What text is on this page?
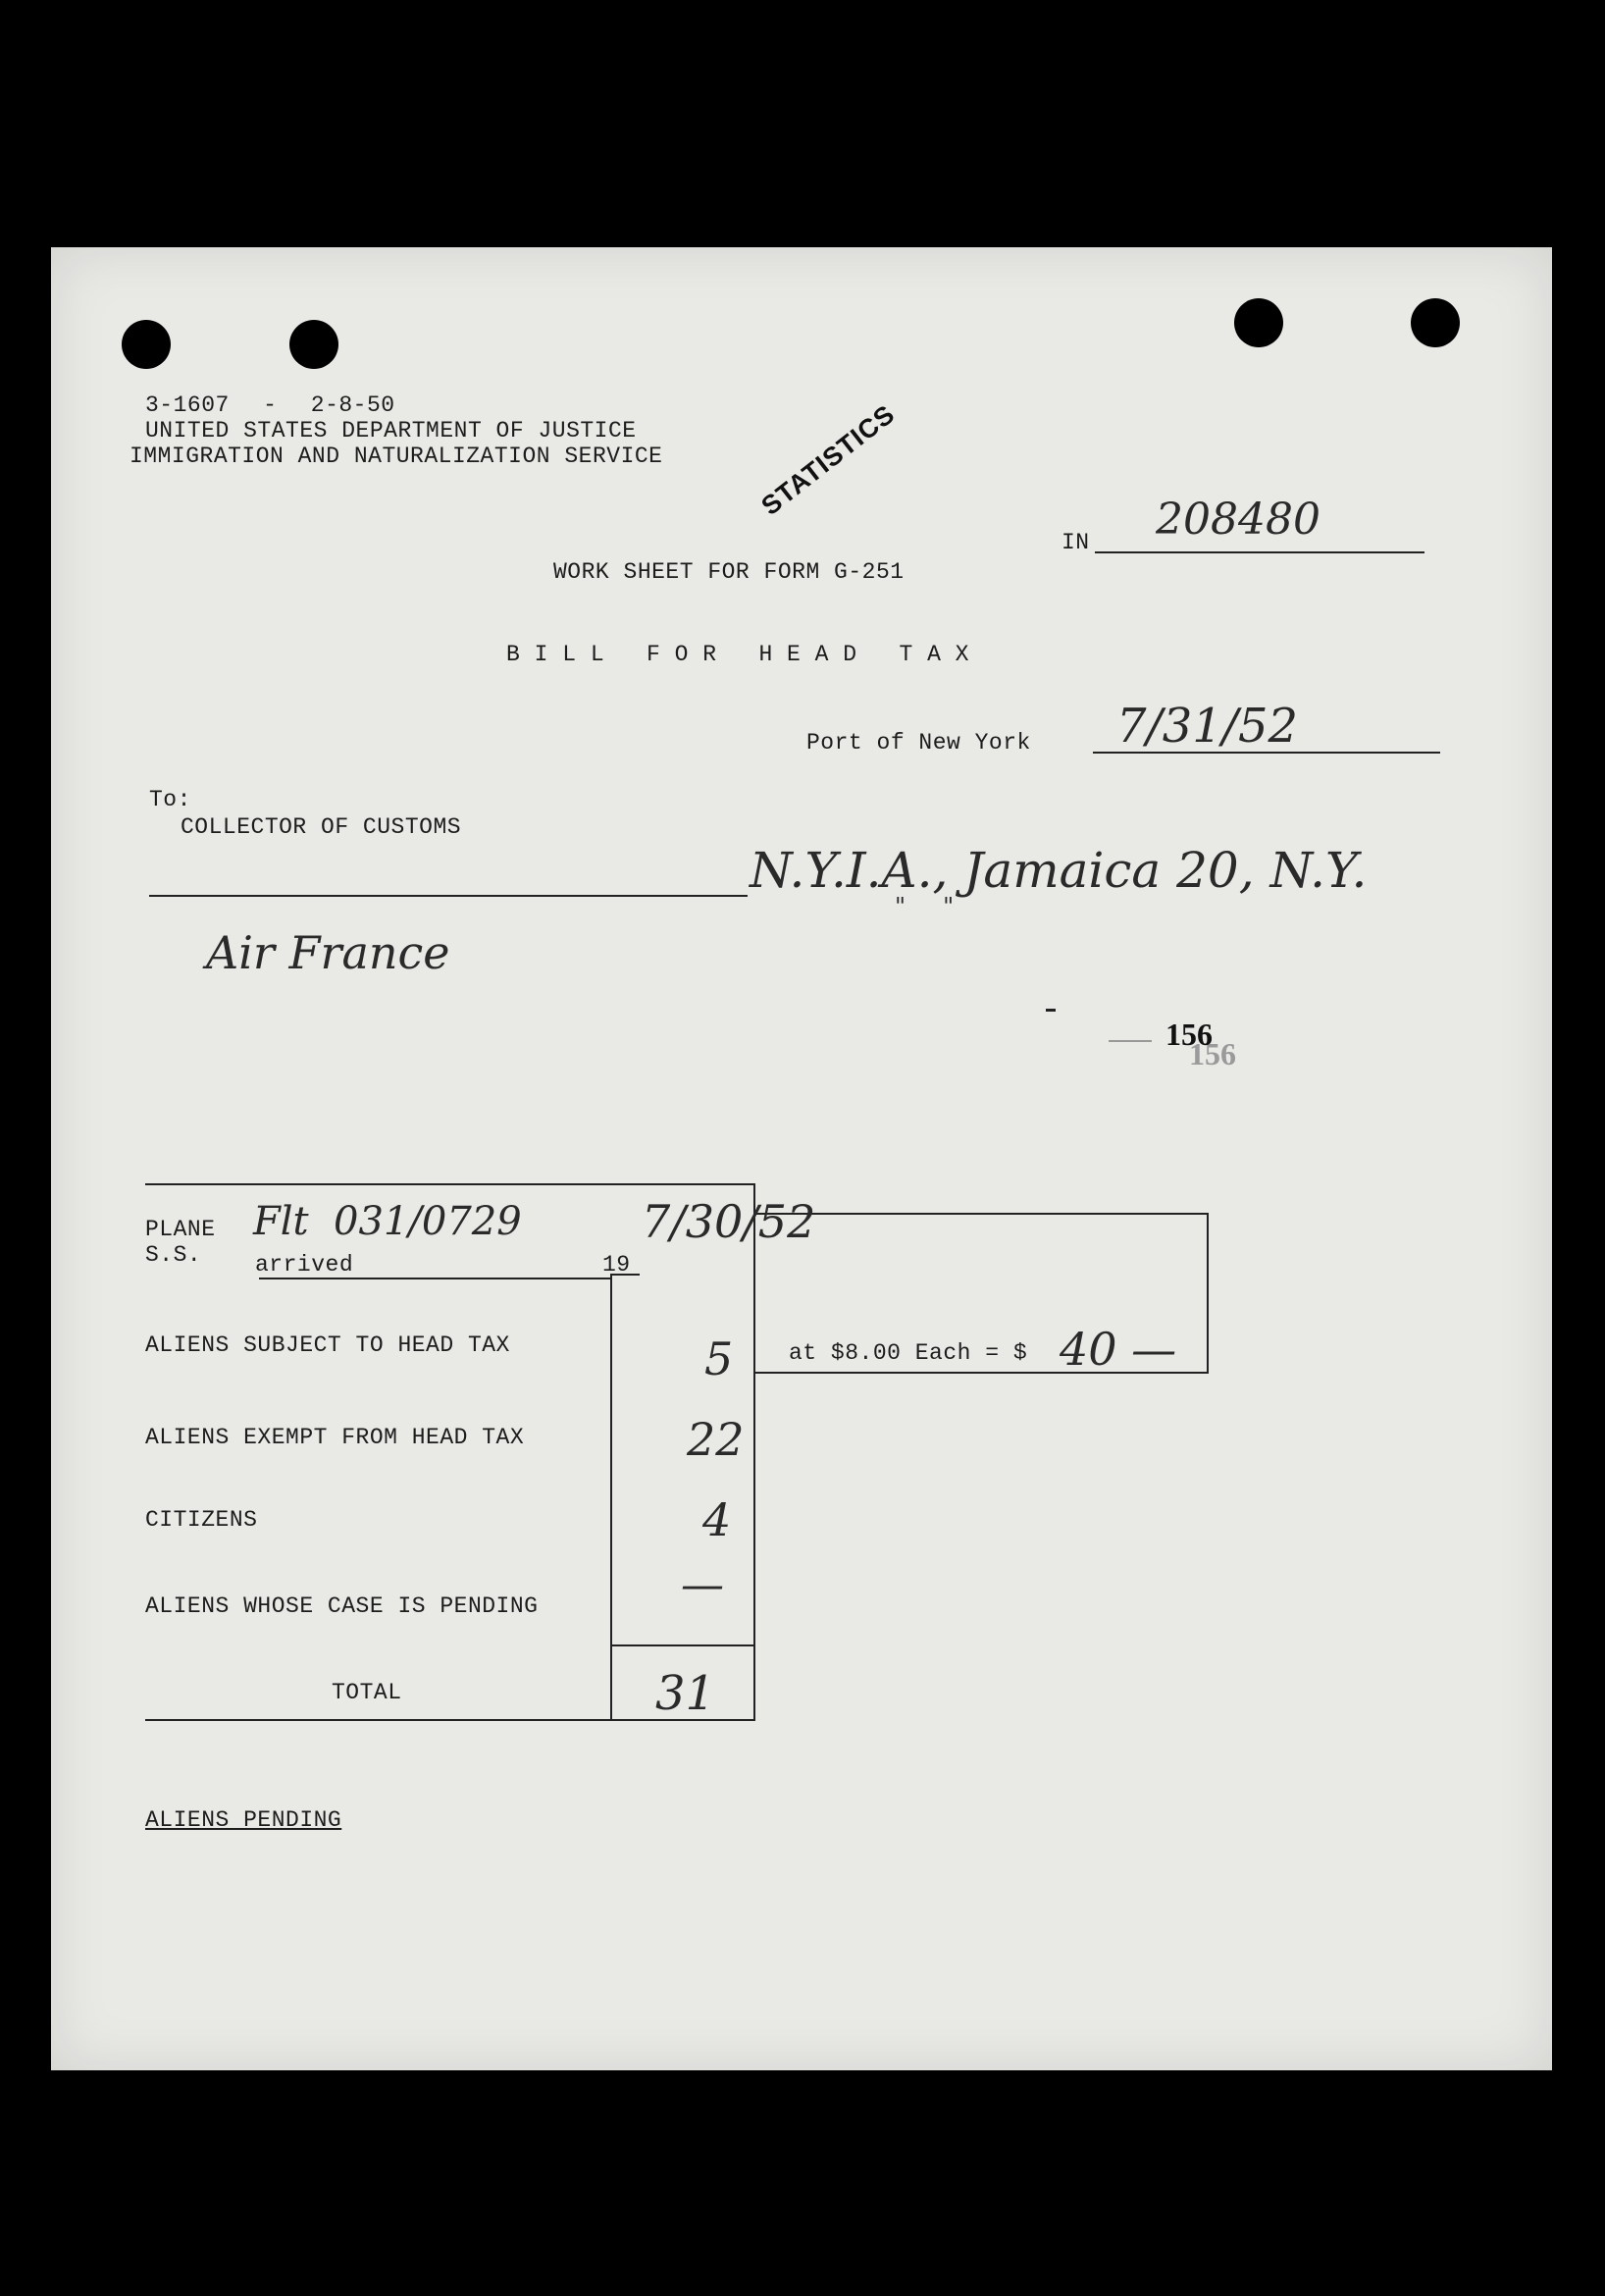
3-1607 - 2-8-50
UNITED STATES DEPARTMENT OF JUSTICE
IMMIGRATION AND NATURALIZATION SERVICE	STATISTICS
IN 208480
WORK SHEET FOR FORM G-251
B I L L   F O R   H E A D   T A X
Port of New York 7/31/52
To:
COLLECTOR OF CUSTOMS
N.Y.I.A., Jamaica 20, N.Y.
"     "
Air France
156
156
PLANE
S.S.
Flt  031/0729	7/30/52
arrived	19
ALIENS SUBJECT TO HEAD TAX	5 at $8.00 Each = $ 40 —
ALIENS EXEMPT FROM HEAD TAX	22
CITIZENS	4
ALIENS WHOSE CASE IS PENDING	—
TOTAL	31
ALIENS PENDING
